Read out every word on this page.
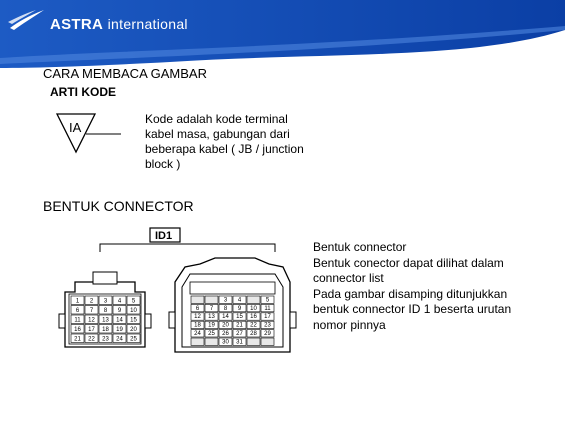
ASTRA international
CARA MEMBACA GAMBAR
ARTI KODE
IA
Kode adalah kode terminal kabel masa, gabungan dari beberapa kabel ( JB / junction block )
BENTUK CONNECTOR
ID1
1 2 3 4 5
6 7 8 9 10
11 12 13 14 15
16 17 18 19 20
21 22 23 24 25
3 4	5
6 7 8 9 10 11
12 13 14 15 16 17
18 19 20 21 22 23
24 25 26 27 28 29
30 31
Bentuk connector
Bentuk conector dapat dilihat dalam
connector list
Pada gambar disamping ditunjukkan
bentuk connector ID 1 beserta urutan
nomor pinnya
